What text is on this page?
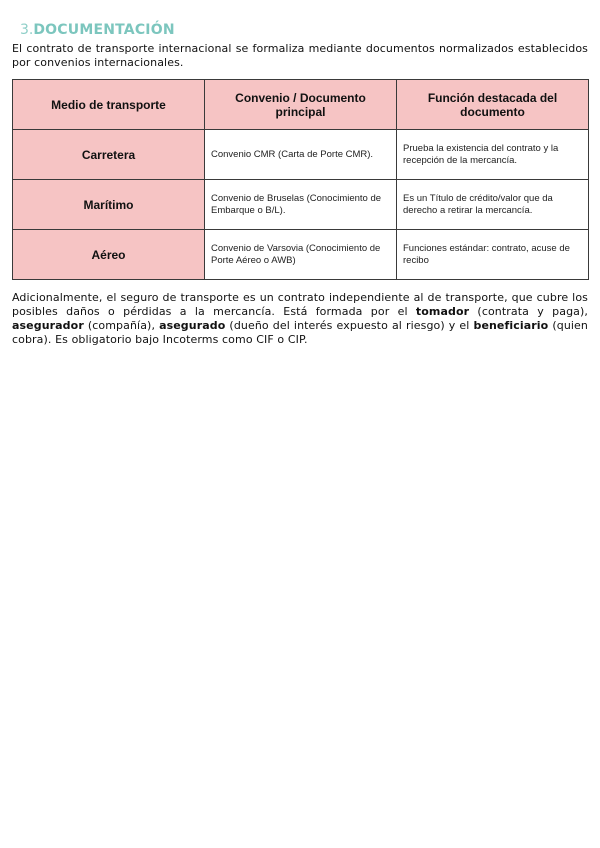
3.DOCUMENTACIÓN

El contrato de transporte internacional se formaliza mediante documentos normalizados establecidos por convenios internacionales.

Medio de transporte	Convenio / Documento principal	Función destacada del documento
Carretera	Convenio CMR (Carta de Porte CMR).	Prueba la existencia del contrato y la recepción de la mercancía.
Marítimo	Convenio de Bruselas (Conocimiento de Embarque o B/L).	Es un Título de crédito/valor que da derecho a retirar la mercancía.
Aéreo	Convenio de Varsovia (Conocimiento de Porte Aéreo o AWB)	Funciones estándar: contrato, acuse de recibo

Adicionalmente, el seguro de transporte es un contrato independiente al de transporte, que cubre los posibles daños o pérdidas a la mercancía. Está formada por el tomador (contrata y paga), asegurador (compañía), asegurado (dueño del interés expuesto al riesgo) y el beneficiario (quien cobra). Es obligatorio bajo Incoterms como CIF o CIP.
